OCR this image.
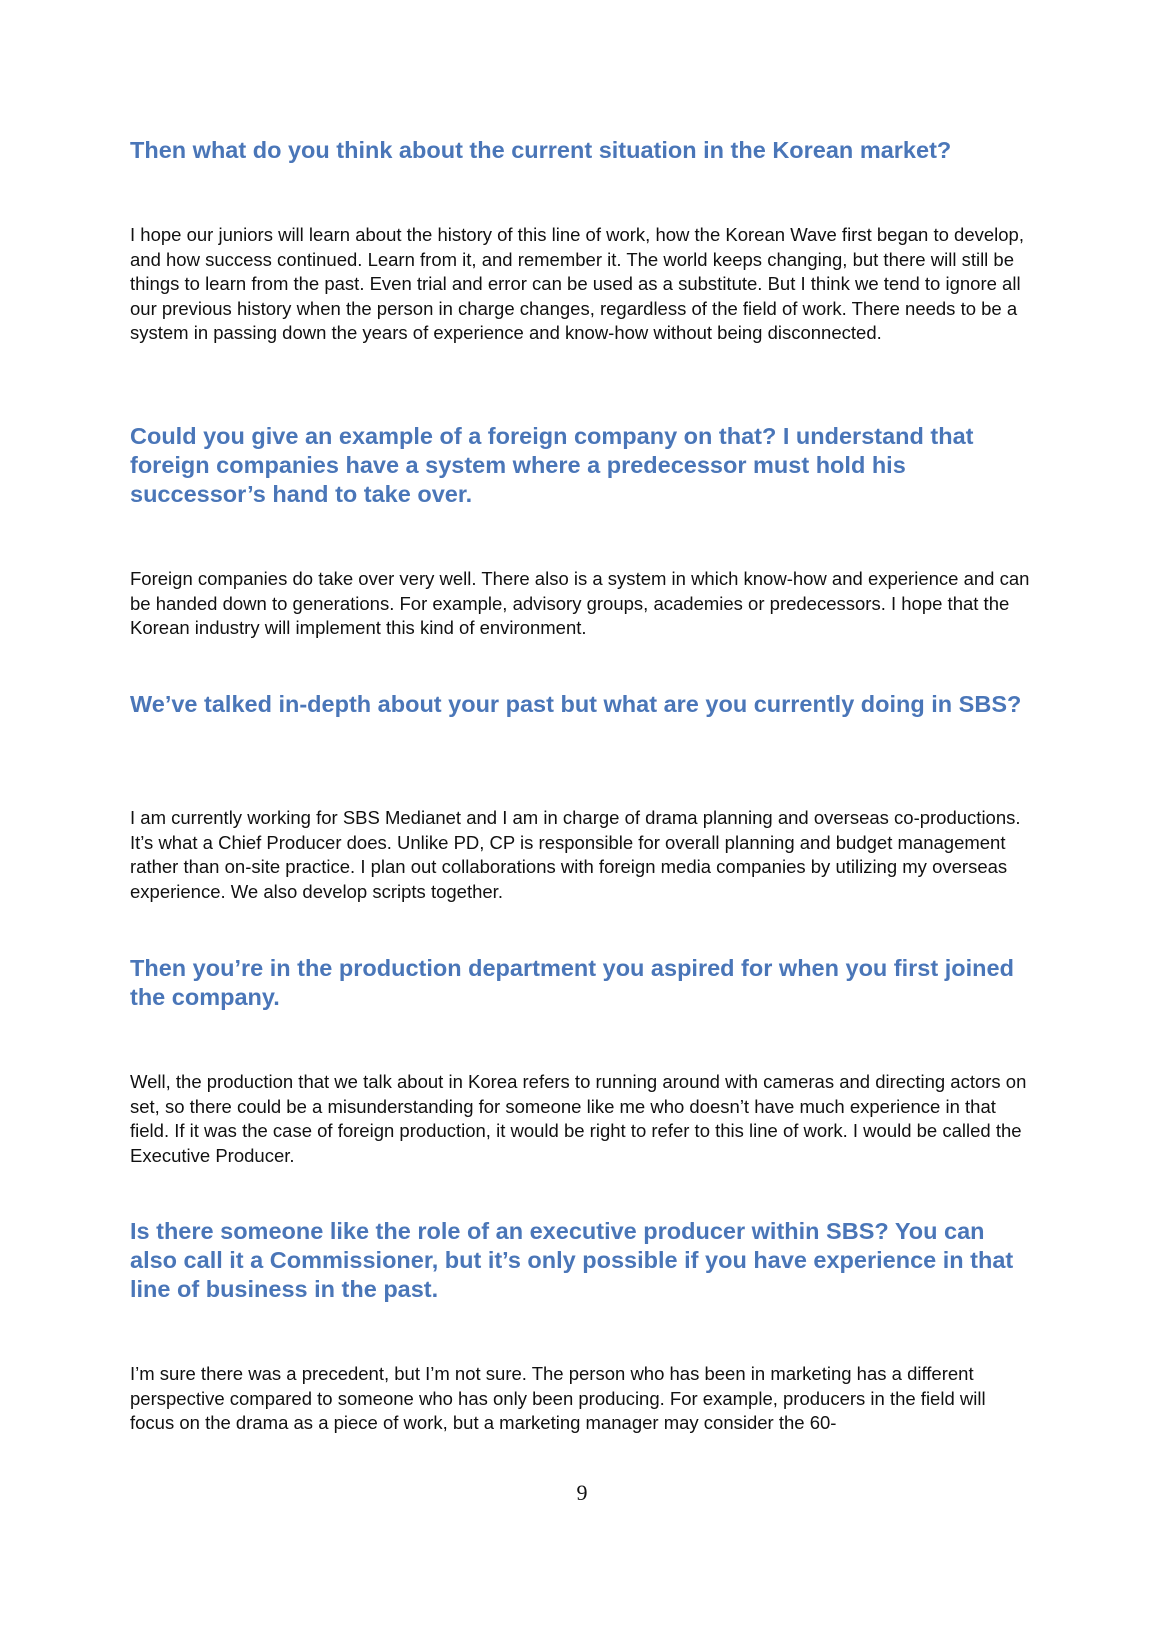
Then what do you think about the current situation in the Korean market?

I hope our juniors will learn about the history of this line of work, how the Korean Wave first began to develop, and how success continued. Learn from it, and remember it. The world keeps changing, but there will still be things to learn from the past. Even trial and error can be used as a substitute. But I think we tend to ignore all our previous history when the person in charge changes, regardless of the field of work. There needs to be a system in passing down the years of experience and know-how without being disconnected.

Could you give an example of a foreign company on that? I understand that foreign companies have a system where a predecessor must hold his successor’s hand to take over.

Foreign companies do take over very well. There also is a system in which know-how and experience and can be handed down to generations. For example, advisory groups, academies or predecessors. I hope that the Korean industry will implement this kind of environment.

We’ve talked in-depth about your past but what are you currently doing in SBS?

I am currently working for SBS Medianet and I am in charge of drama planning and overseas co-productions. It’s what a Chief Producer does. Unlike PD, CP is responsible for overall planning and budget management rather than on-site practice. I plan out collaborations with foreign media companies by utilizing my overseas experience. We also develop scripts together.

Then you’re in the production department you aspired for when you first joined the company.

Well, the production that we talk about in Korea refers to running around with cameras and directing actors on set, so there could be a misunderstanding for someone like me who doesn’t have much experience in that field. If it was the case of foreign production, it would be right to refer to this line of work. I would be called the Executive Producer.

Is there someone like the role of an executive producer within SBS? You can also call it a Commissioner, but it’s only possible if you have experience in that line of business in the past.

I’m sure there was a precedent, but I’m not sure. The person who has been in marketing has a different perspective compared to someone who has only been producing. For example, producers in the field will focus on the drama as a piece of work, but a marketing manager may consider the 60-

9
